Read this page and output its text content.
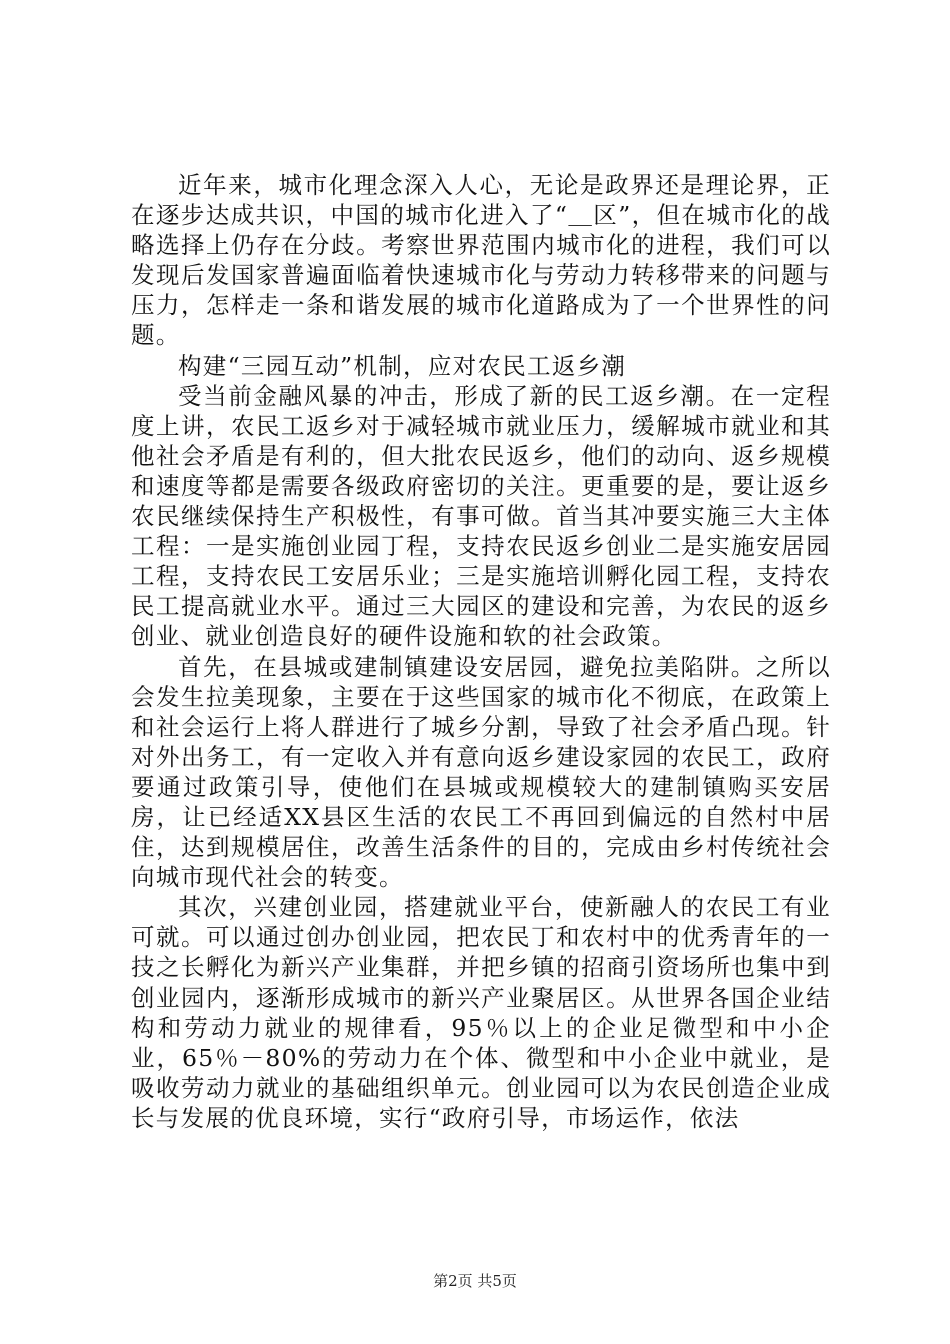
近年来，城市化理念深入人心，无论是政界还是理论界，正在逐步达成共识，中国的城市化进入了“＿区”，但在城市化的战略选择上仍存在分歧。考察世界范围内城市化的进程，我们可以发现后发国家普遍面临着快速城市化与劳动力转移带来的问题与压力，怎样走一条和谐发展的城市化道路成为了一个世界性的问题。

构建“三园互动”机制，应对农民工返乡潮

受当前金融风暴的冲击，形成了新的民工返乡潮。在一定程度上讲，农民工返乡对于减轻城市就业压力，缓解城市就业和其他社会矛盾是有利的，但大批农民返乡，他们的动向、返乡规模和速度等都是需要各级政府密切的关注。更重要的是，要让返乡农民继续保持生产积极性，有事可做。首当其冲要实施三大主体工程：一是实施创业园丁程，支持农民返乡创业二是实施安居园工程，支持农民工安居乐业；三是实施培训孵化园工程，支持农民工提高就业水平。通过三大园区的建设和完善，为农民的返乡创业、就业创造良好的硬件设施和软的社会政策。

首先，在县城或建制镇建设安居园，避免拉美陷阱。之所以会发生拉美现象，主要在于这些国家的城市化不彻底，在政策上和社会运行上将人群进行了城乡分割，导致了社会矛盾凸现。针对外出务工，有一定收入并有意向返乡建设家园的农民工，政府要通过政策引导，使他们在县城或规模较大的建制镇购买安居房，让已经适XX县区生活的农民工不再回到偏远的自然村中居住，达到规模居住，改善生活条件的目的，完成由乡村传统社会向城市现代社会的转变。

其次，兴建创业园，搭建就业平台，使新融人的农民工有业可就。可以通过创办创业园，把农民丁和农村中的优秀青年的一技之长孵化为新兴产业集群，并把乡镇的招商引资场所也集中到创业园内，逐渐形成城市的新兴产业聚居区。从世界各国企业结构和劳动力就业的规律看，95％以上的企业足微型和中小企业，65％－80%的劳动力在个体、微型和中小企业中就业，是吸收劳动力就业的基础组织单元。创业园可以为农民创造企业成长与发展的优良环境，实行“政府引导，市场运作，依法

第2页 共5页
